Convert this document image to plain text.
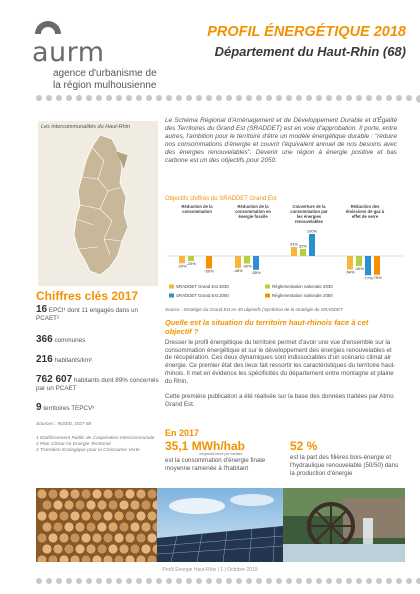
aurm
agence d'urbanisme de
la région mulhousienne
PROFIL ÉNERGÉTIQUE 2018
Département du Haut-Rhin (68)
Les intercommunalités du Haut-Rhin
Le Schéma Régional d'Aménagement et de Développement Durable et d'Égalité des Territoires du Grand Est (SRADDET) est en voie d'approbation. Il porte, entre autres, l'ambition pour le territoire d'être un modèle énergétique durable : "réduire nos consommations d'énergie et couvrir l'équivalent annuel de nos besoins avec des énergies renouvelables". Devenir une région à énergie positive et bas carbone est un des objectifs pour 2050.
Objectifs chiffrés du SRADDET Grand Est
Réduction de la
consommation
Réduction de la
consommation en
énergie fossile
Couverture de la
consommation par
les énergies
renouvelables
Réduction des
émissions de gaz à
effet de serre
-29%
-48%
41%
-54%
-20%	-30%
32%
-40%
-55%
100%
-77%
-50%
-75%
SRADDET Grand Est 2030	Réglementation nationale 2030
SRADDET Grand Est 2050	Réglementation nationale 2050
Source : Stratégie du Grand Est en 30 objectifs (Synthèse de la stratégie du SRADDET
Quelle est la situation du territoire haut-rhinois face à cet objectif ?
Dresser le profil énergétique du territoire permet d'avoir une vue d'ensemble sur la consommation énergétique et sur le développement des énergies renouvelables et de récupération. Ces deux dynamiques sont indissociables d'un scénario climat air énergie. Ce premier état des lieux fait ressortir les caractéristiques du territoire haut-rhinois. Il met en évidence les spécificités du département entre montagne et plaine du Rhin.
Cette première publication a été réalisée sur la base des données traitées par Atmo Grand Est.
Chiffres clés 2017
16 EPCI¹ dont 11 engagés dans un PCAET²
366 communes
216 habitants/km²
762 607 habitants dont 89% concernés par un PCAET
9 territoires TEPCV³
Sources : INSEE, DDT 68
1 Etablissement Public de Coopération Intercommunale
2 Plan Climat Air Energie Territorial
3 Transition Ecologique pour la Croissance Verte
En 2017
35,1 MWh/hab
mégawatt-heure par habitant
est la consommation d'énergie finale moyenne ramenée à l'habitant
52 %
est la part des filières bois-énergie et l'hydraulique renouvelable (50/50) dans la production d'énergie
Profil Énergie Haut-Rhin | 1 | Octobre 2019
